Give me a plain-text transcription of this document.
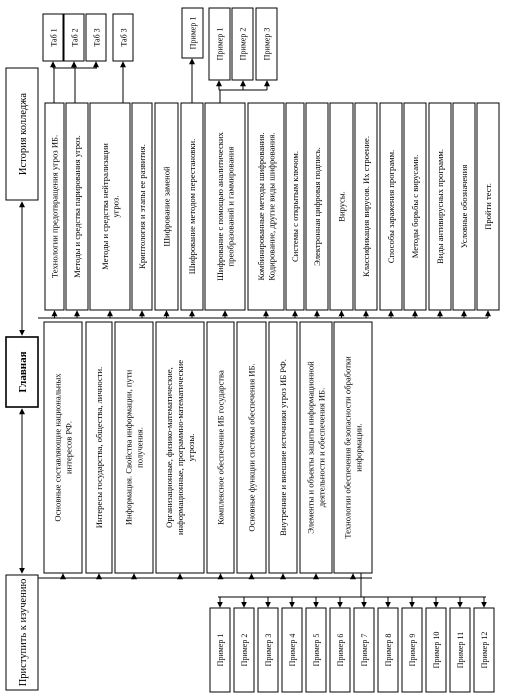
Приступить к изучению
Главная
История колледжа
Основные составляющие национальных интересов РФ. Интересы государства, общества, личности. Информация. Свойства информации, пути получения. Организационные, физико-математические, информационные, программно-математические угрозы. Комплексное обеспечение ИБ государства Основные функции системы обеспечения ИБ.	Внутренние и внешние источники угроз ИБ РФ. Элементы и объекты защиты информационной деятельности и обеспечения ИБ. Технологии обеспечения безопасности обработки информации.
Технологии предотвращения угроз ИБ. Методы и средства парирования угроз. Методы и средства нейтрализации угроз. Криптология и этапы ее развития. Шифрование заменой Шифрование методом перестановки. Шифрование с помощью аналитических преобразований и гаммирования Комбинированные методы шифрования. Кодирование, другие виды шифрования. Системы с открытым ключом. Электронная цифровая подпись. Вирусы. Классификация вирусов. Их строение. Способы заражения программ. Методы борьбы с вирусами. Виды антивирусных программ. Условные обозначения Пройти тест.
Таб 1 Таб 2 Таб 3 Таб 3	Пример 1 Пример 1 Пример 2 Пример 3
Пример 1 Пример 2 Пример 3 Пример 4 Пример 5 Пример 6 Пример 7 Пример 8 Пример 9 Пример 10 Пример 11 Пример 12
